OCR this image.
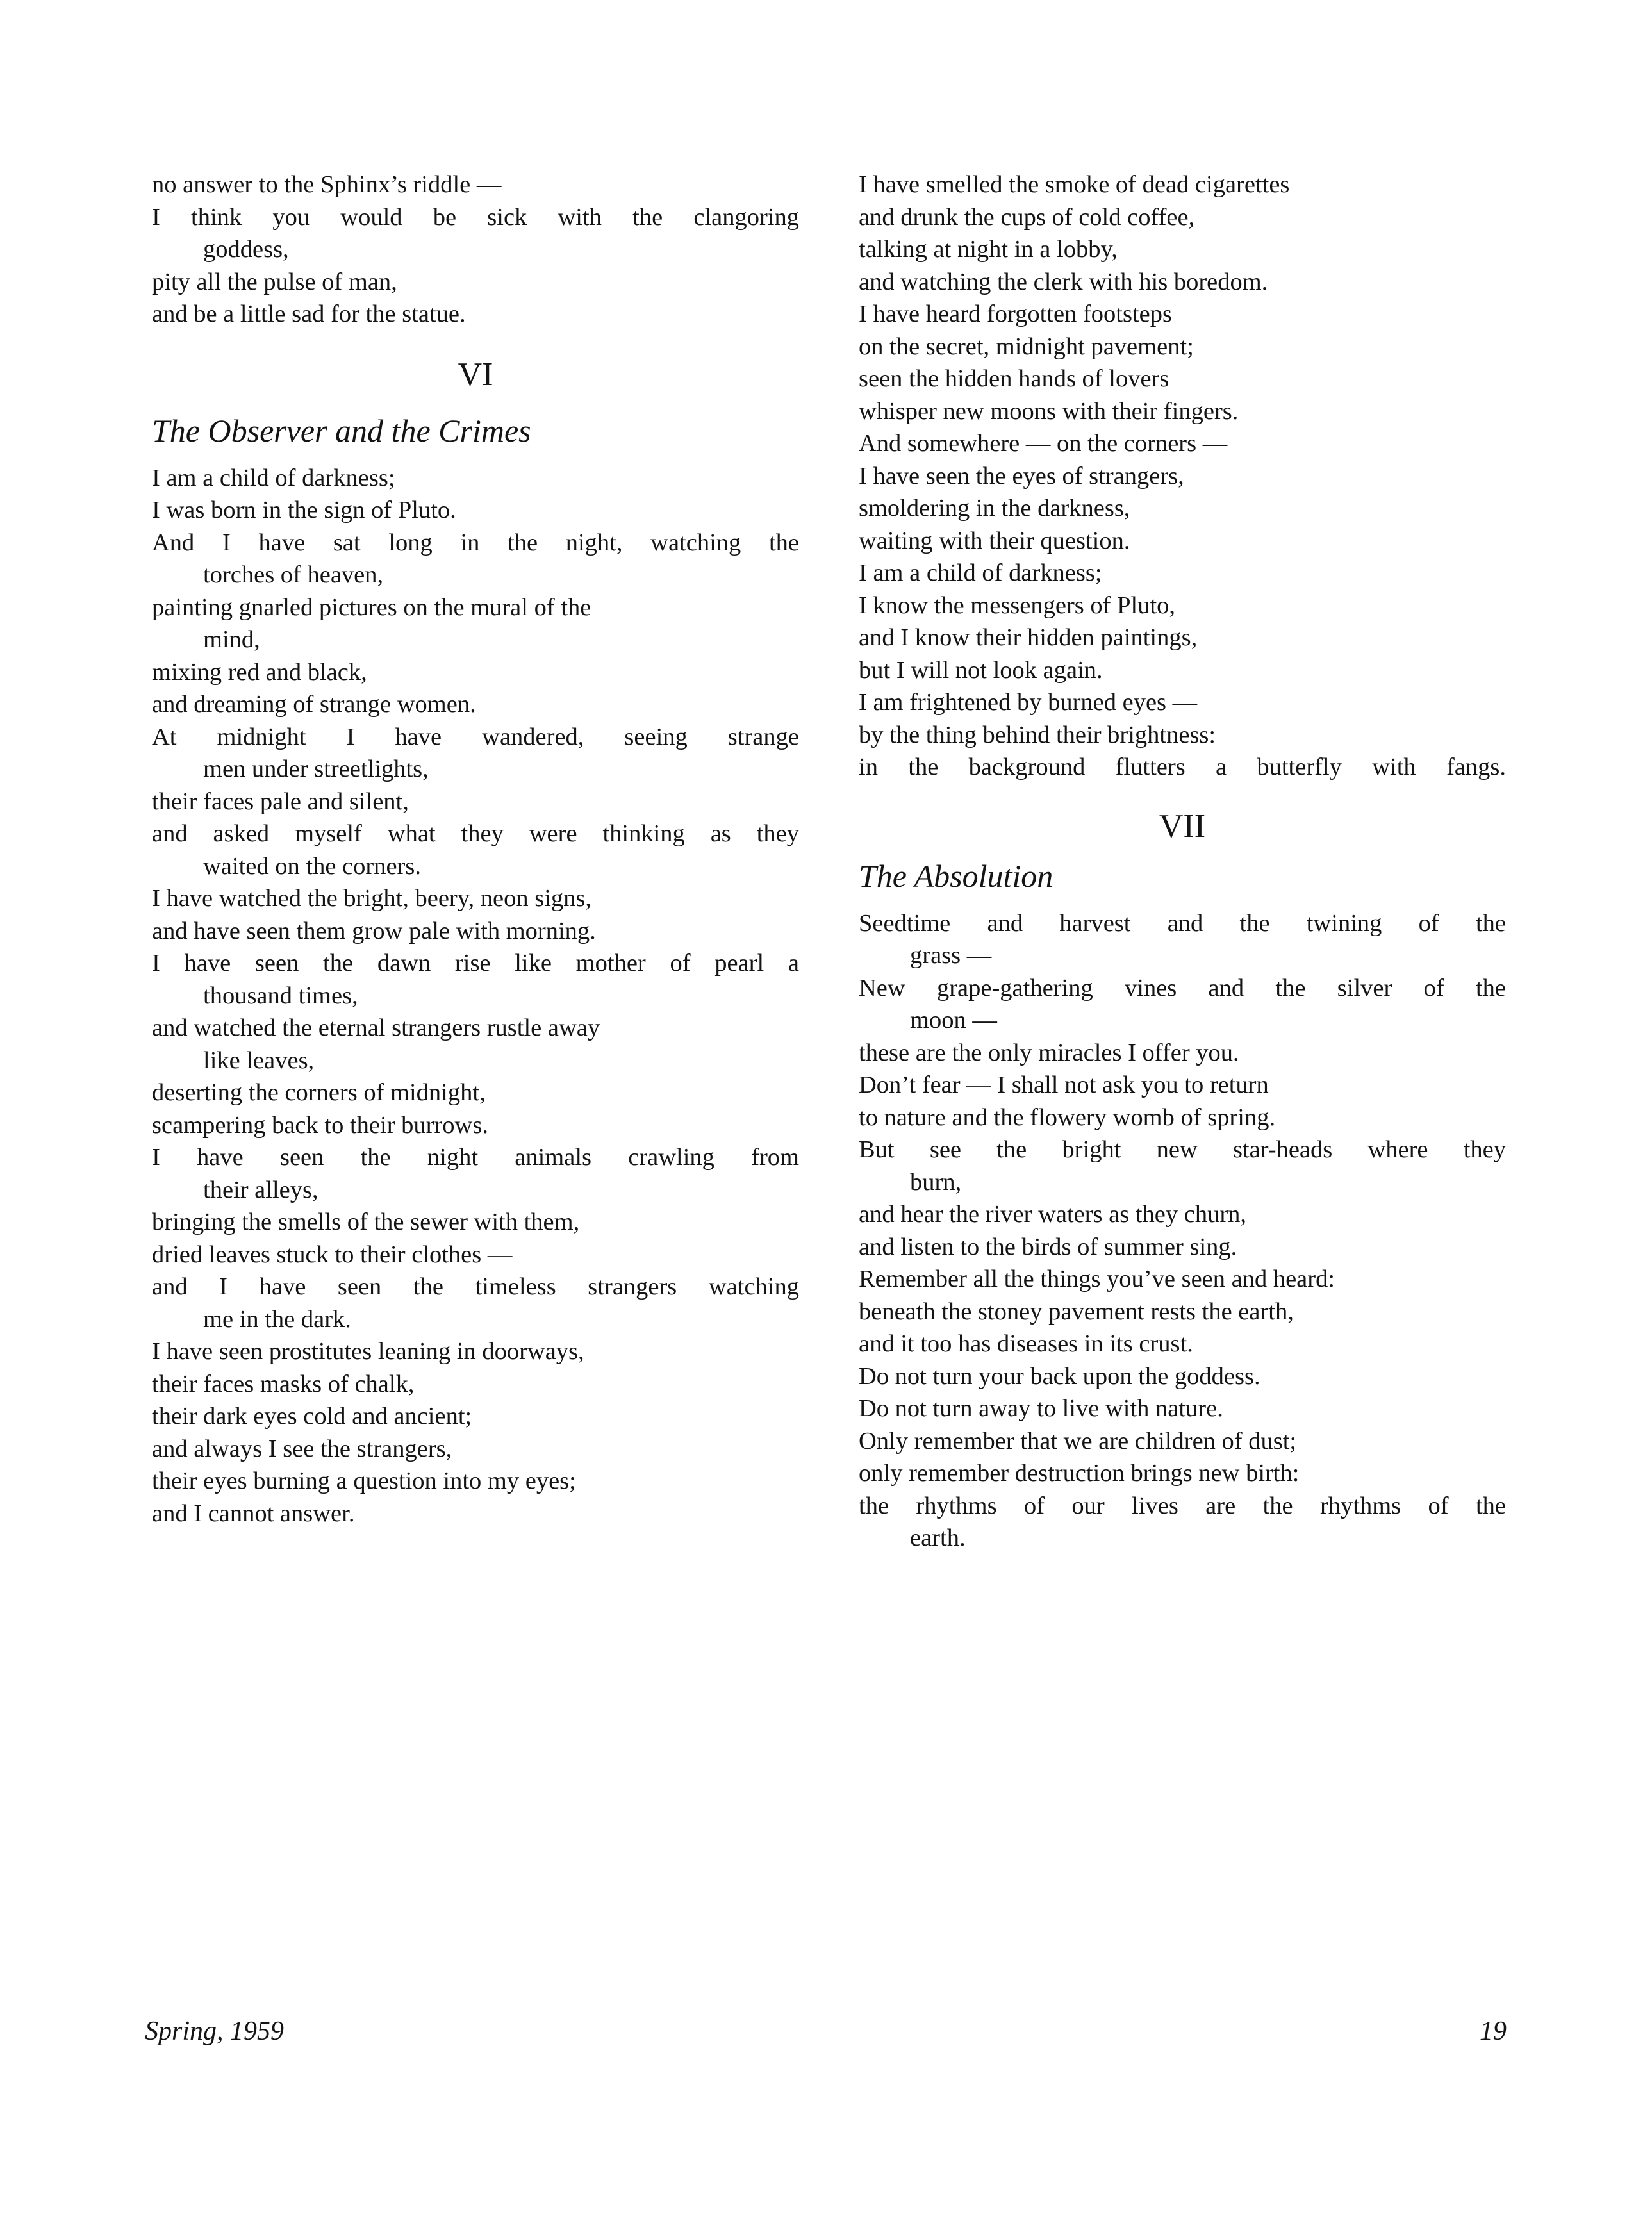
no answer to the Sphinx’s riddle —
I think you would be sick with the clangoring
goddess,
pity all the pulse of man,
and be a little sad for the statue.
VI
The Observer and the Crimes
I am a child of darkness;
I was born in the sign of Pluto.
And I have sat long in the night, watching the
torches of heaven,
painting gnarled pictures on the mural of the
mind,
mixing red and black,
and dreaming of strange women.
At midnight I have wandered, seeing strange
men under streetlights,
their faces pale and silent,
and asked myself what they were thinking as they
waited on the corners.
I have watched the bright, beery, neon signs,
and have seen them grow pale with morning.
I have seen the dawn rise like mother of pearl a
thousand times,
and watched the eternal strangers rustle away
like leaves,
deserting the corners of midnight,
scampering back to their burrows.
I have seen the night animals crawling from
their alleys,
bringing the smells of the sewer with them,
dried leaves stuck to their clothes —
and I have seen the timeless strangers watching
me in the dark.
I have seen prostitutes leaning in doorways,
their faces masks of chalk,
their dark eyes cold and ancient;
and always I see the strangers,
their eyes burning a question into my eyes;
and I cannot answer.
I have smelled the smoke of dead cigarettes
and drunk the cups of cold coffee,
talking at night in a lobby,
and watching the clerk with his boredom.
I have heard forgotten footsteps
on the secret, midnight pavement;
seen the hidden hands of lovers
whisper new moons with their fingers.
And somewhere — on the corners —
I have seen the eyes of strangers,
smoldering in the darkness,
waiting with their question.
I am a child of darkness;
I know the messengers of Pluto,
and I know their hidden paintings,
but I will not look again.
I am frightened by burned eyes —
by the thing behind their brightness:
in the background flutters a butterfly with fangs.
VII
The Absolution
Seedtime and harvest and the twining of the
grass —
New grape-gathering vines and the silver of the
moon —
these are the only miracles I offer you.
Don’t fear — I shall not ask you to return
to nature and the flowery womb of spring.
But see the bright new star-heads where they
burn,
and hear the river waters as they churn,
and listen to the birds of summer sing.
Remember all the things you’ve seen and heard:
beneath the stoney pavement rests the earth,
and it too has diseases in its crust.
Do not turn your back upon the goddess.
Do not turn away to live with nature.
Only remember that we are children of dust;
only remember destruction brings new birth:
the rhythms of our lives are the rhythms of the
earth.
Spring, 1959	19
